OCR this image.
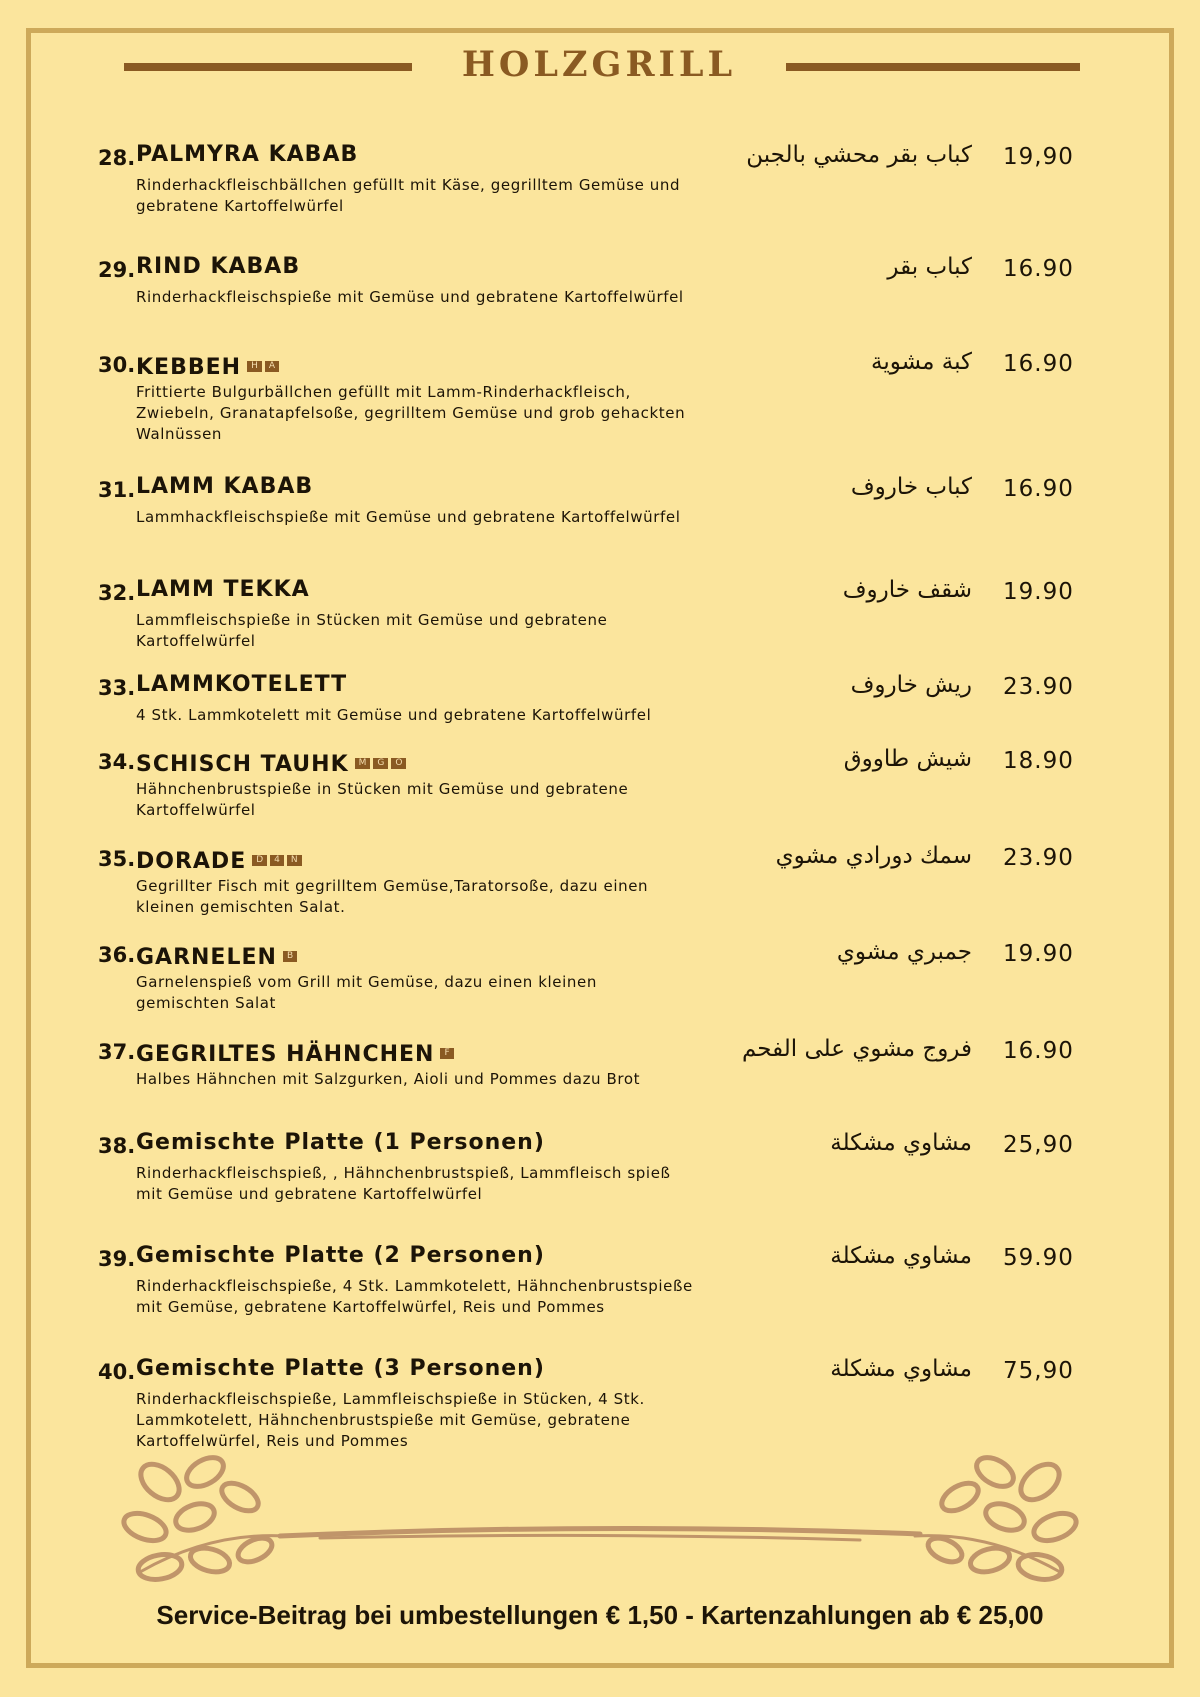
HOLZGRILL
28. PALMYRA KABAB
Rinderhackfleischbällchen gefüllt mit Käse, gegrilltem Gemüse und gebratene Kartoffelwürfel
كباب بقر محشي بالجبن 19,90
29. RIND KABAB
Rinderhackfleischspieße mit Gemüse und gebratene Kartoffelwürfel
كباب بقر 16.90
30. KEBBEH H A
Frittierte Bulgurbällchen gefüllt mit Lamm-Rinderhackfleisch, Zwiebeln, Granatapfelsoße, gegrilltem Gemüse und grob gehackten Walnüssen
كبة مشوية 16.90
31. LAMM KABAB
Lammhackfleischspieße mit Gemüse und gebratene Kartoffelwürfel
كباب خاروف 16.90
32. LAMM TEKKA
Lammfleischspieße in Stücken mit Gemüse und gebratene Kartoffelwürfel
شقف خاروف 19.90
33. LAMMKOTELETT
4 Stk. Lammkotelett mit Gemüse und gebratene Kartoffelwürfel
ريش خاروف 23.90
34. SCHISCH TAUHK M G O
Hähnchenbrustspieße in Stücken mit Gemüse und gebratene Kartoffelwürfel
شيش طاووق 18.90
35. DORADE D 4 N
Gegrillter Fisch mit gegrilltem Gemüse,Taratorsoße, dazu einen kleinen gemischten Salat.
سمك دورادي مشوي 23.90
36. GARNELEN B
Garnelenspieß vom Grill mit Gemüse, dazu einen kleinen gemischten Salat
جمبري مشوي 19.90
37. GEGRILTES HÄHNCHEN F
Halbes Hähnchen mit Salzgurken, Aioli und Pommes dazu Brot
فروج مشوي على الفحم 16.90
38. Gemischte Platte (1 Personen)
Rinderhackfleischspieß, , Hähnchenbrustspieß, Lammfleisch spieß mit Gemüse und gebratene Kartoffelwürfel
مشاوي مشكلة 25,90
39. Gemischte Platte (2 Personen)
Rinderhackfleischspieße, 4 Stk. Lammkotelett, Hähnchenbrustspieße mit Gemüse, gebratene Kartoffelwürfel, Reis und Pommes
مشاوي مشكلة 59.90
40. Gemischte Platte (3 Personen)
Rinderhackfleischspieße, Lammfleischspieße in Stücken, 4 Stk. Lammkotelett, Hähnchenbrustspieße mit Gemüse, gebratene Kartoffelwürfel, Reis und Pommes
مشاوي مشكلة 75,90
Service-Beitrag bei umbestellungen € 1,50 - Kartenzahlungen ab € 25,00
